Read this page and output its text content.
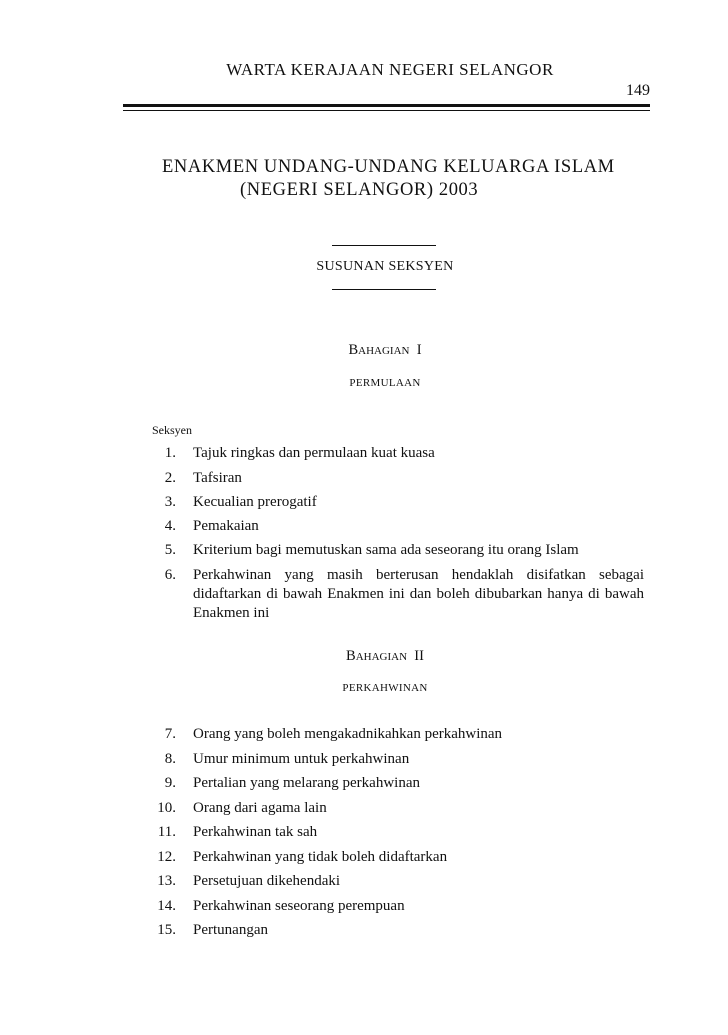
WARTA KERAJAAN NEGERI SELANGOR
149
ENAKMEN UNDANG-UNDANG KELUARGA ISLAM
(NEGERI SELANGOR) 2003
SUSUNAN SEKSYEN
BAHAGIAN I
PERMULAAN
Seksyen
1. Tajuk ringkas dan permulaan kuat kuasa
2. Tafsiran
3. Kecualian prerogatif
4. Pemakaian
5. Kriterium bagi memutuskan sama ada seseorang itu orang Islam
6. Perkahwinan yang masih berterusan hendaklah disifatkan sebagai didaftarkan di bawah Enakmen ini dan boleh dibubarkan hanya di bawah Enakmen ini
BAHAGIAN II
PERKAHWINAN
7. Orang yang boleh mengakadnikahkan perkahwinan
8. Umur minimum untuk perkahwinan
9. Pertalian yang melarang perkahwinan
10. Orang dari agama lain
11. Perkahwinan tak sah
12. Perkahwinan yang tidak boleh didaftarkan
13. Persetujuan dikehendaki
14. Perkahwinan seseorang perempuan
15. Pertunangan
